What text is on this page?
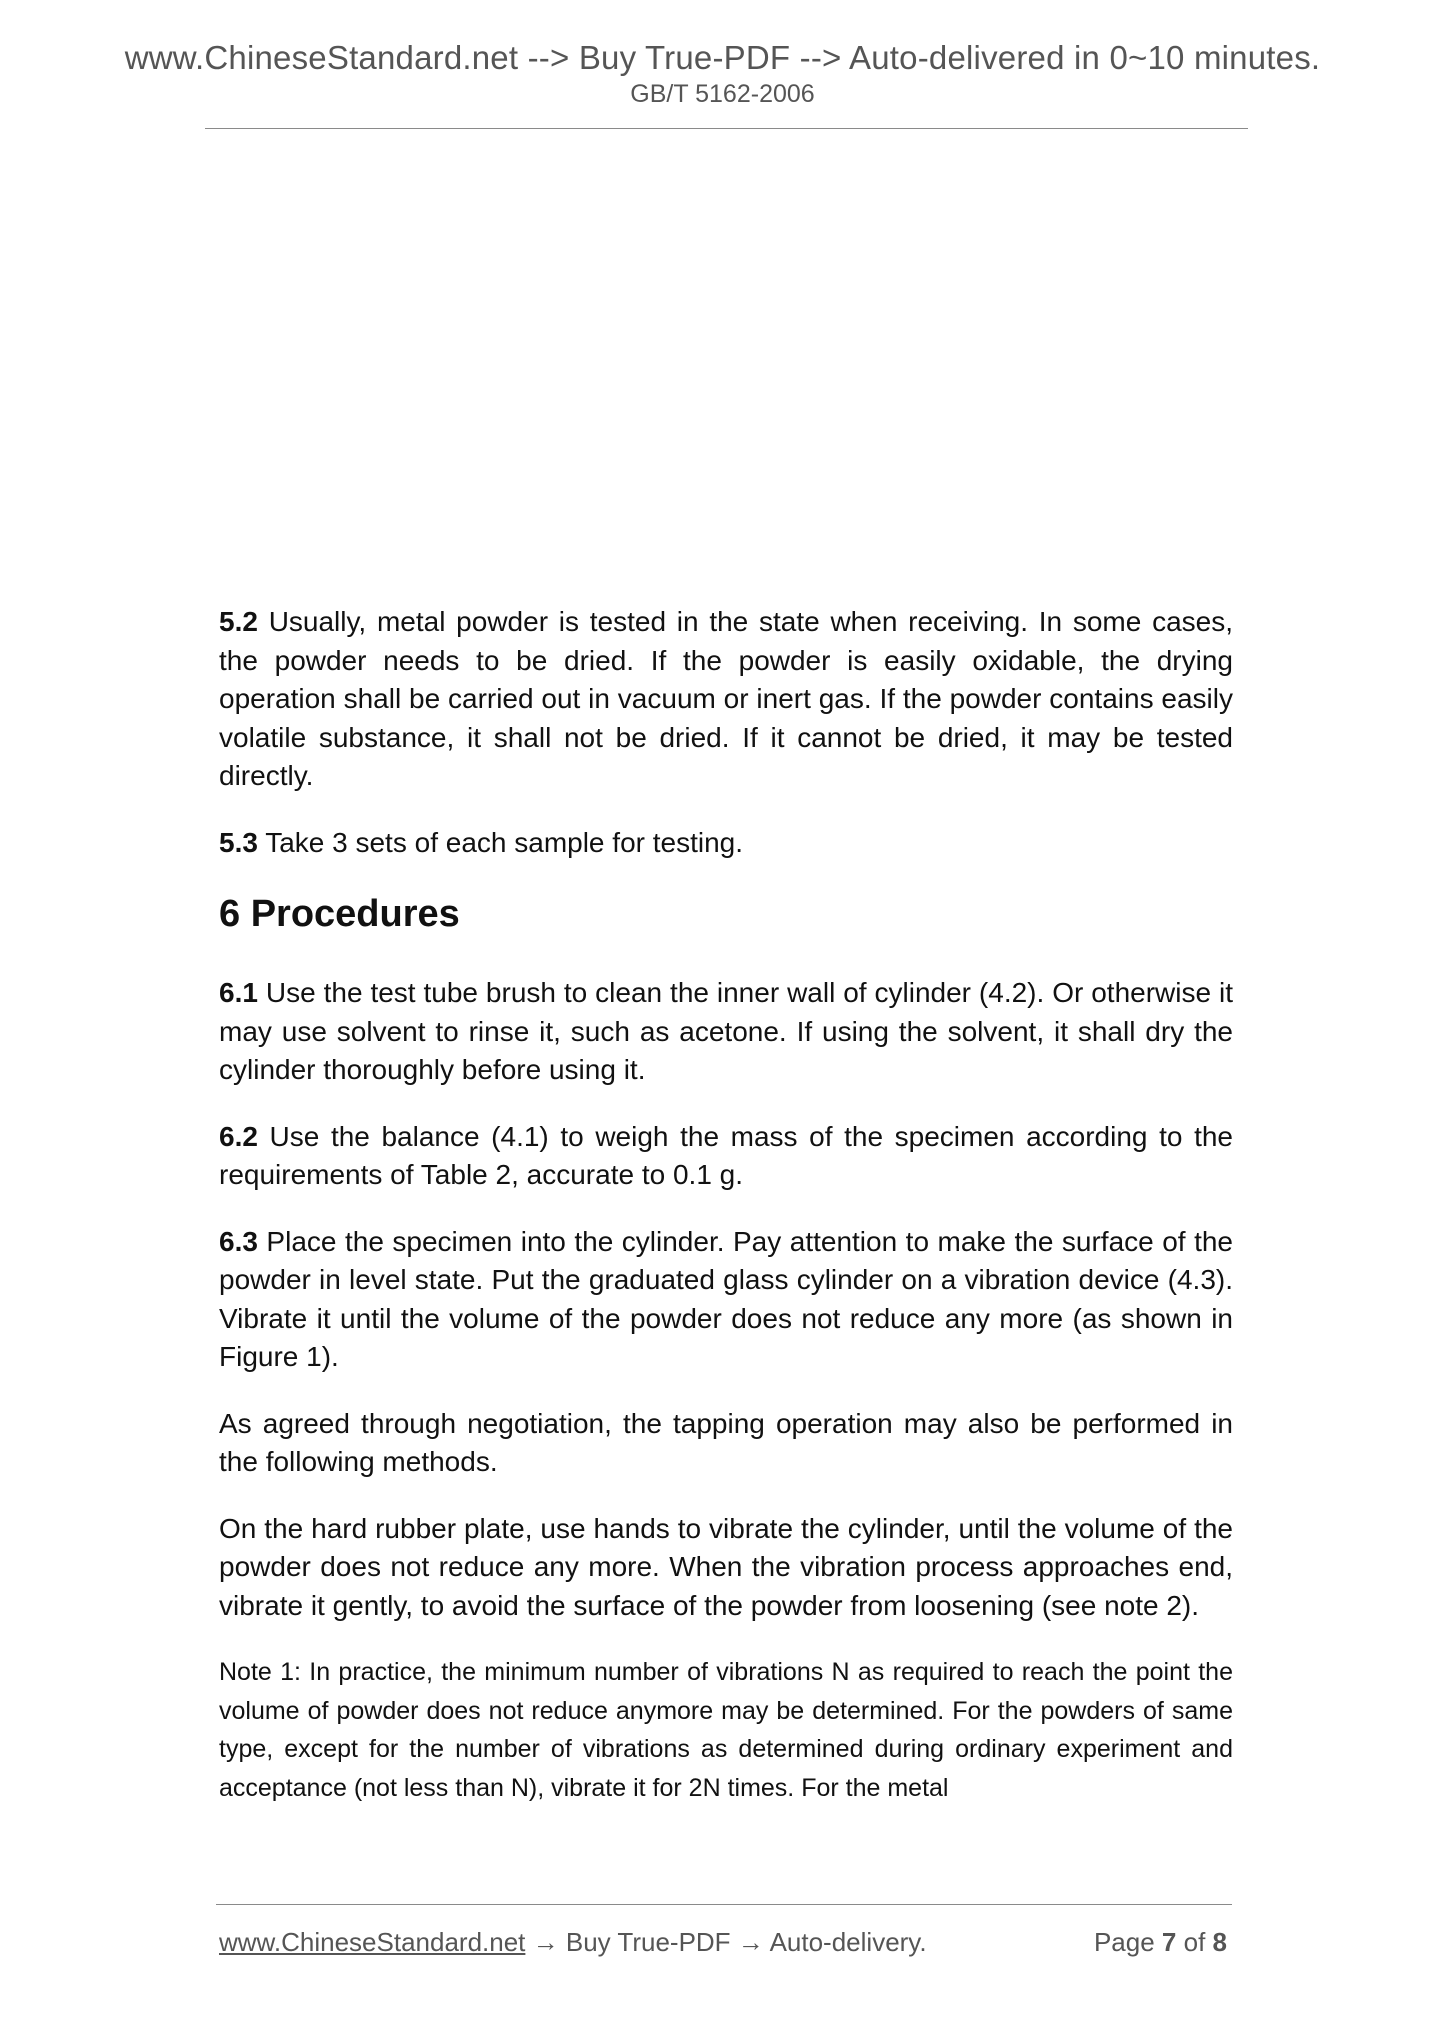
www.ChineseStandard.net --> Buy True-PDF --> Auto-delivered in 0~10 minutes.
GB/T 5162-2006

5.2 Usually, metal powder is tested in the state when receiving. In some cases, the powder needs to be dried. If the powder is easily oxidable, the drying operation shall be carried out in vacuum or inert gas. If the powder contains easily volatile substance, it shall not be dried. If it cannot be dried, it may be tested directly.

5.3 Take 3 sets of each sample for testing.

6 Procedures

6.1 Use the test tube brush to clean the inner wall of cylinder (4.2). Or otherwise it may use solvent to rinse it, such as acetone. If using the solvent, it shall dry the cylinder thoroughly before using it.

6.2 Use the balance (4.1) to weigh the mass of the specimen according to the requirements of Table 2, accurate to 0.1 g.

6.3 Place the specimen into the cylinder. Pay attention to make the surface of the powder in level state. Put the graduated glass cylinder on a vibration device (4.3). Vibrate it until the volume of the powder does not reduce any more (as shown in Figure 1).

As agreed through negotiation, the tapping operation may also be performed in the following methods.

On the hard rubber plate, use hands to vibrate the cylinder, until the volume of the powder does not reduce any more. When the vibration process approaches end, vibrate it gently, to avoid the surface of the powder from loosening (see note 2).

Note 1: In practice, the minimum number of vibrations N as required to reach the point the volume of powder does not reduce anymore may be determined. For the powders of same type, except for the number of vibrations as determined during ordinary experiment and acceptance (not less than N), vibrate it for 2N times. For the metal

www.ChineseStandard.net → Buy True-PDF → Auto-delivery.	Page 7 of 8
